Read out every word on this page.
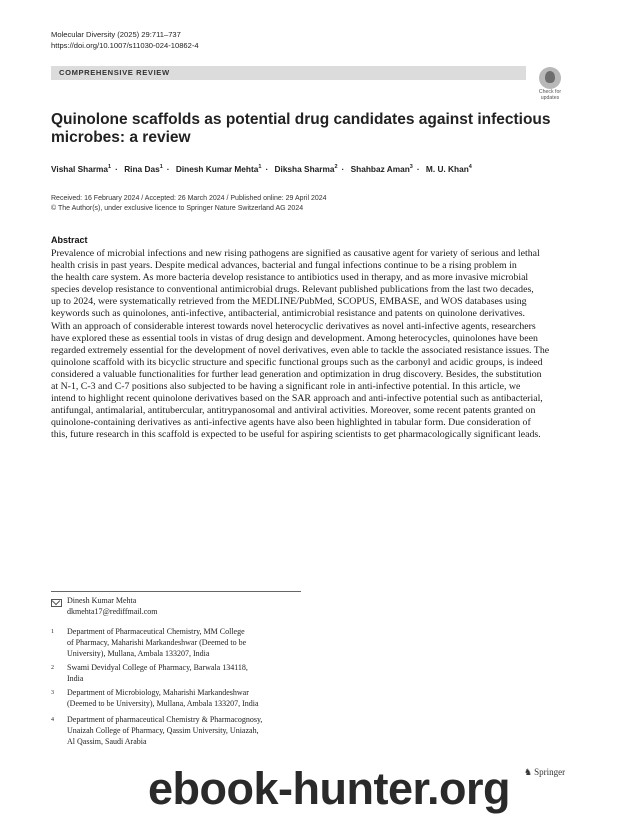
Molecular Diversity (2025) 29:711–737
https://doi.org/10.1007/s11030-024-10862-4
COMPREHENSIVE REVIEW
Check for
updates
Quinolone scaffolds as potential drug candidates against infectious
microbes: a review
Vishal Sharma$^1$ · Rina Das$^1$ · Dinesh Kumar Mehta$^1$ · Diksha Sharma$^2$ · Shahbaz Aman$^3$ · M. U. Khan$^4$
Received: 16 February 2024 / Accepted: 26 March 2024 / Published online: 29 April 2024
© The Author(s), under exclusive licence to Springer Nature Switzerland AG 2024
Abstract
Prevalence of microbial infections and new rising pathogens are signified as causative agent for variety of serious and lethal
health crisis in past years. Despite medical advances, bacterial and fungal infections continue to be a rising problem in
the health care system. As more bacteria develop resistance to antibiotics used in therapy, and as more invasive microbial
species develop resistance to conventional antimicrobial drugs. Relevant published publications from the last two decades,
up to 2024, were systematically retrieved from the MEDLINE/PubMed, SCOPUS, EMBASE, and WOS databases using
keywords such as quinolones, anti-infective, antibacterial, antimicrobial resistance and patents on quinolone derivatives.
With an approach of considerable interest towards novel heterocyclic derivatives as novel anti-infective agents, researchers
have explored these as essential tools in vistas of drug design and development. Among heterocycles, quinolones have been
regarded extremely essential for the development of novel derivatives, even able to tackle the associated resistance issues. The
quinolone scaffold with its bicyclic structure and specific functional groups such as the carbonyl and acidic groups, is indeed
considered a valuable functionalities for further lead generation and optimization in drug discovery. Besides, the substitution
at N-1, C-3 and C-7 positions also subjected to be having a significant role in anti-infective potential. In this article, we
intend to highlight recent quinolone derivatives based on the SAR approach and anti-infective potential such as antibacterial,
antifungal, antimalarial, antitubercular, antitrypanosomal and antiviral activities. Moreover, some recent patents granted on
quinolone-containing derivatives as anti-infective agents have also been highlighted in tabular form. Due consideration of
this, future research in this scaffold is expected to be useful for aspiring scientists to get pharmacologically significant leads.
Dinesh Kumar Mehta
dkmehta17@rediffmail.com
1 Department of Pharmaceutical Chemistry, MM College
of Pharmacy, Maharishi Markandeshwar (Deemed to be
University), Mullana, Ambala 133207, India
2 Swami Devidyal College of Pharmacy, Barwala 134118,
India
3 Department of Microbiology, Maharishi Markandeshwar
(Deemed to be University), Mullana, Ambala 133207, India
4 Department of pharmaceutical Chemistry & Pharmacognosy,
Unaizah College of Pharmacy, Qassim University, Uniazah,
Al Qassim, Saudi Arabia
♞ Springer
ebook-hunter.org
